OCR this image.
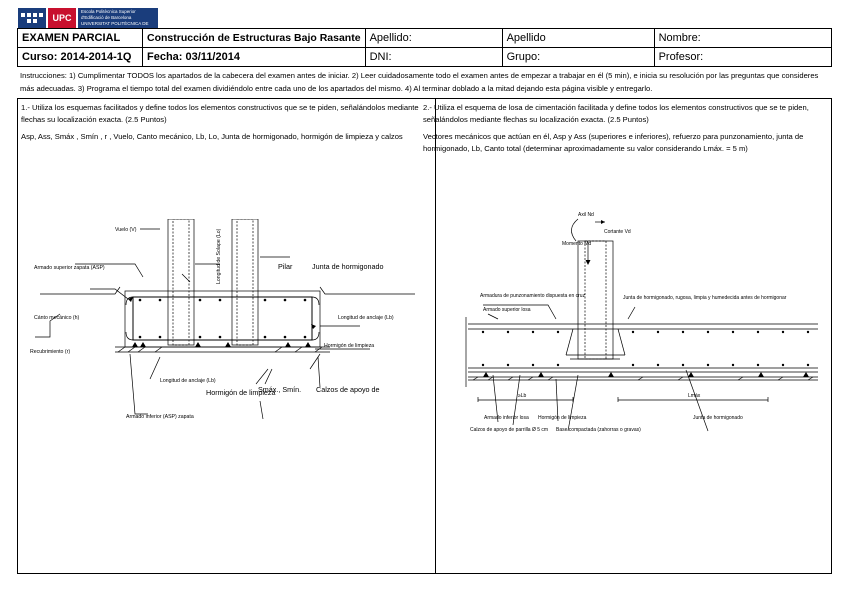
UPC
Escola Politècnica Superior
d'Edificació de Barcelona
UNIVERSITAT POLITÈCNICA DE CATALUNYA
EXAMEN PARCIAL	Construcción de Estructuras Bajo Rasante	Apellido:	Apellido	Nombre:
Curso: 2014-2014-1Q	Fecha: 03/11/2014	DNI:	Grupo:	Profesor:
Instrucciones: 1) Cumplimentar TODOS los apartados de la cabecera del examen antes de iniciar. 2) Leer cuidadosamente todo el examen antes de empezar a trabajar en él (5 min), e inicia su resolución por las preguntas que consideres más adecuadas. 3) Programa el tiempo total del examen dividiéndolo entre cada uno de los apartados del mismo. 4) Al terminar doblado a la mitad dejando esta página visible y entregarlo.

1.- Utiliza los esquemas facilitados y define todos los elementos constructivos que se te piden, señalándolos mediante flechas su localización exacta. (2.5 Puntos)

Asp, Ass, Smáx , Smín , r , Vuelo, Canto mecánico, Lb, Lo, Junta de hormigonado, hormigón de limpieza y calzos

2.- Utiliza el esquema de losa de cimentación facilitada y define todos los elementos constructivos que se te piden, señalándolos mediante flechas su localización exacta. (2.5 Puntos)

Vectores mecánicos que actúan en él, Asp y Ass (superiores e inferiores), refuerzo para punzonamiento, junta de hormigonado, Lb, Canto total (determinar aproximadamente su valor considerando Lmáx. = 5 m)

Vuelo (V)	Longitud de Solape (Lo)
Armado superior zapata (ASP)
Cánto mecánico (h)
Recubrimiento (r)
Longitud de anclaje (Lb)
Hormigón de limpieza
Longitud de anclaje (Lb)
Armado inferior (ASP) zapata
Pilar	Junta de hormigonado
Hormigón de limpieza
Smáx., Smín. Calzos de apoyo de
Axil Nd
Cortante Vd
Momento Md
Armadura de punzonamiento dispuesta en cruz
Armado superior losa
Junta de hormigonado, rugosa, limpia y humedecida antes de hormigonar
Armado inferior losa
Calzos de apoyo de parrilla Ø 5 cm
Hormigón de limpieza
Base compactada (zahorras o gravas)
Junta de hormigonado
≥Lb	Lmáx
